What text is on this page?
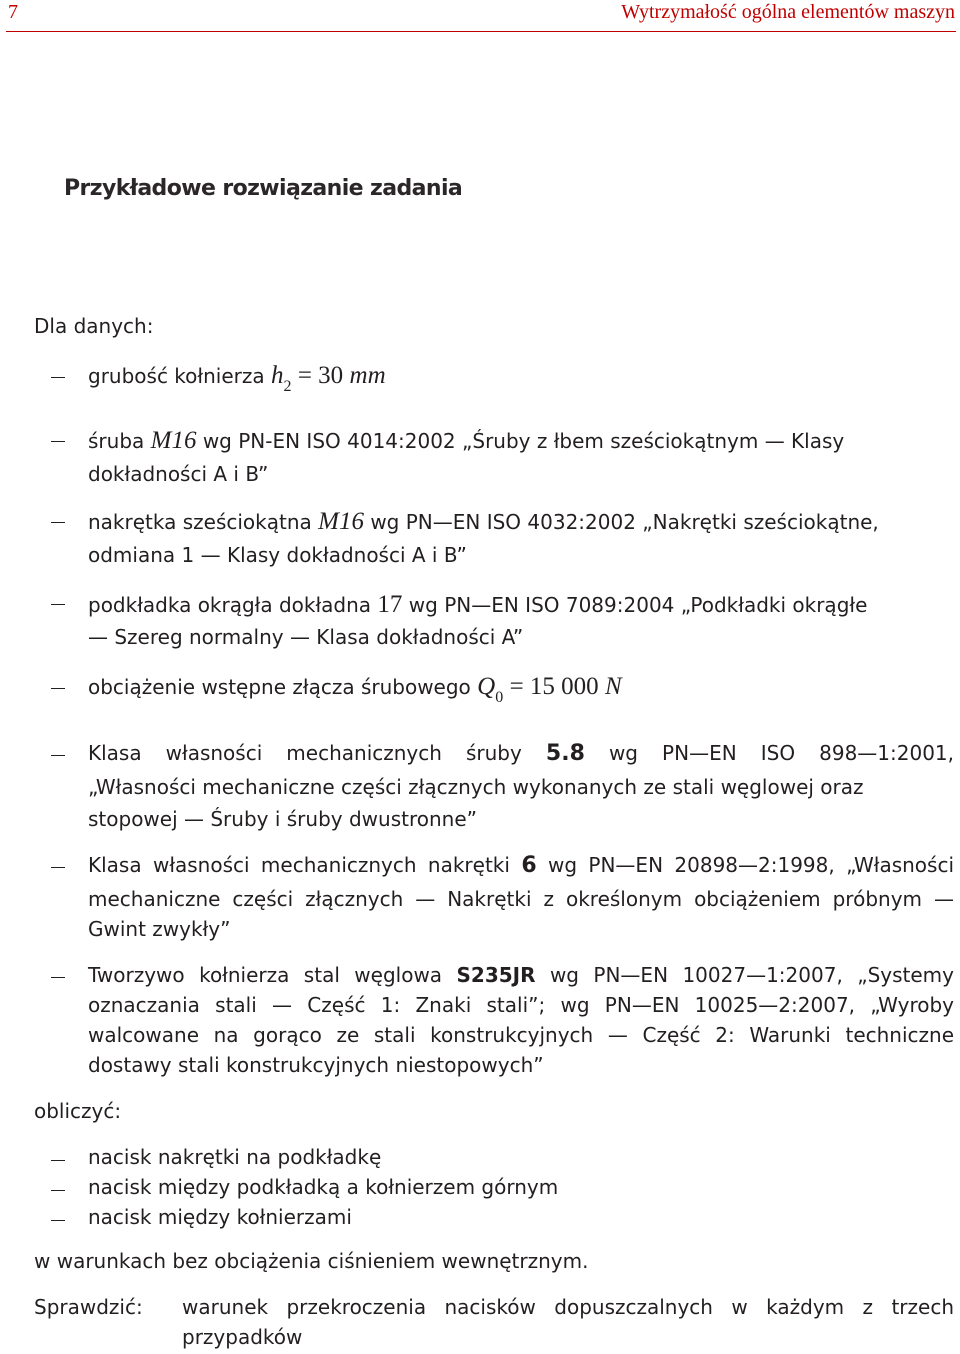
7	Wytrzymałość ogólna elementów maszyn
Przykładowe rozwiązanie zadania
Dla danych:
grubość kołnierza $h_2 = 30$ mm
śruba M16 wg PN-EN ISO 4014:2002 „Śruby z łbem sześciokątnym — Klasy
dokładności A i B”
nakrętka sześciokątna M16 wg PN—EN ISO 4032:2002 „Nakrętki sześciokątne,
odmiana 1 — Klasy dokładności A i B”
podkładka okrągła dokładna 17 wg PN—EN ISO 7089:2004 „Podkładki okrągłe
— Szereg normalny — Klasa dokładności A”
obciążenie wstępne złącza śrubowego $Q_0 = 15$ 000 N
Klasa własności mechanicznych śruby 5.8 wg PN—EN ISO 898—1:2001,
„Własności mechaniczne części złącznych wykonanych ze stali węglowej oraz
stopowej — Śruby i śruby dwustronne”
Klasa własności mechanicznych nakrętki 6 wg PN—EN 20898—2:1998, „Własności
mechaniczne części złącznych — Nakrętki z określonym obciążeniem próbnym —
Gwint zwykły”
Tworzywo kołnierza stal węglowa S235JR wg PN—EN 10027—1:2007, „Systemy
oznaczania stali — Część 1: Znaki stali”; wg PN—EN 10025—2:2007, „Wyroby
walcowane na gorąco ze stali konstrukcyjnych — Część 2: Warunki techniczne
dostawy stali konstrukcyjnych niestopowych”
obliczyć:
nacisk nakrętki na podkładkę
nacisk między podkładką a kołnierzem górnym
nacisk między kołnierzami
w warunkach bez obciążenia ciśnieniem wewnętrznym.
Sprawdzić: warunek przekroczenia nacisków dopuszczalnych w każdym z trzech
przypadków
